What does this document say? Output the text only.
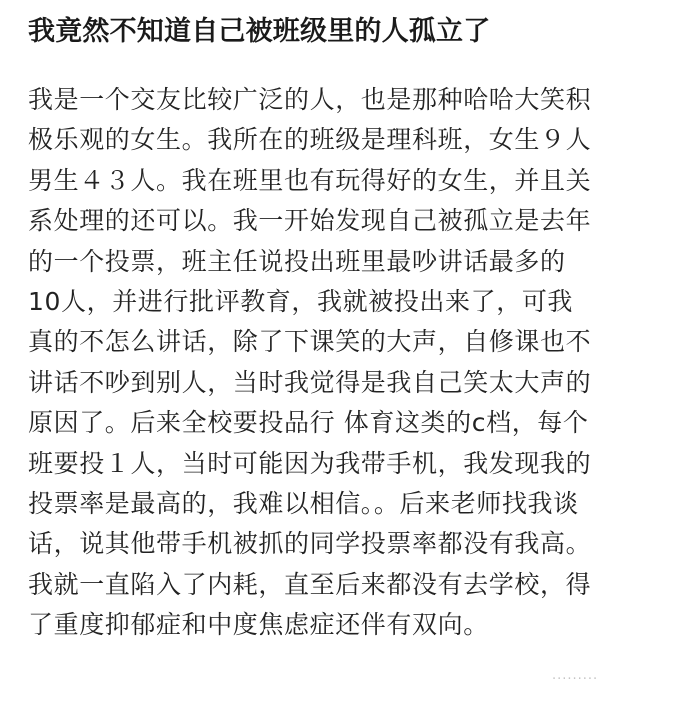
我竟然不知道自己被班级里的人孤立了
我是一个交友比较广泛的人，也是那种哈哈大笑积
极乐观的女生。我所在的班级是理科班，女生９人
男生４３人。我在班里也有玩得好的女生，并且关
系处理的还可以。我一开始发现自己被孤立是去年
的一个投票，班主任说投出班里最吵讲话最多的
10人，并进行批评教育，我就被投出来了，可我
真的不怎么讲话，除了下课笑的大声，自修课也不
讲话不吵到别人，当时我觉得是我自己笑太大声的
原因了。后来全校要投品行 体育这类的c档，每个
班要投１人，当时可能因为我带手机，我发现我的
投票率是最高的，我难以相信。。后来老师找我谈
话，说其他带手机被抓的同学投票率都没有我高。
我就一直陷入了内耗，直至后来都没有去学校，得
了重度抑郁症和中度焦虑症还伴有双向。
·········
